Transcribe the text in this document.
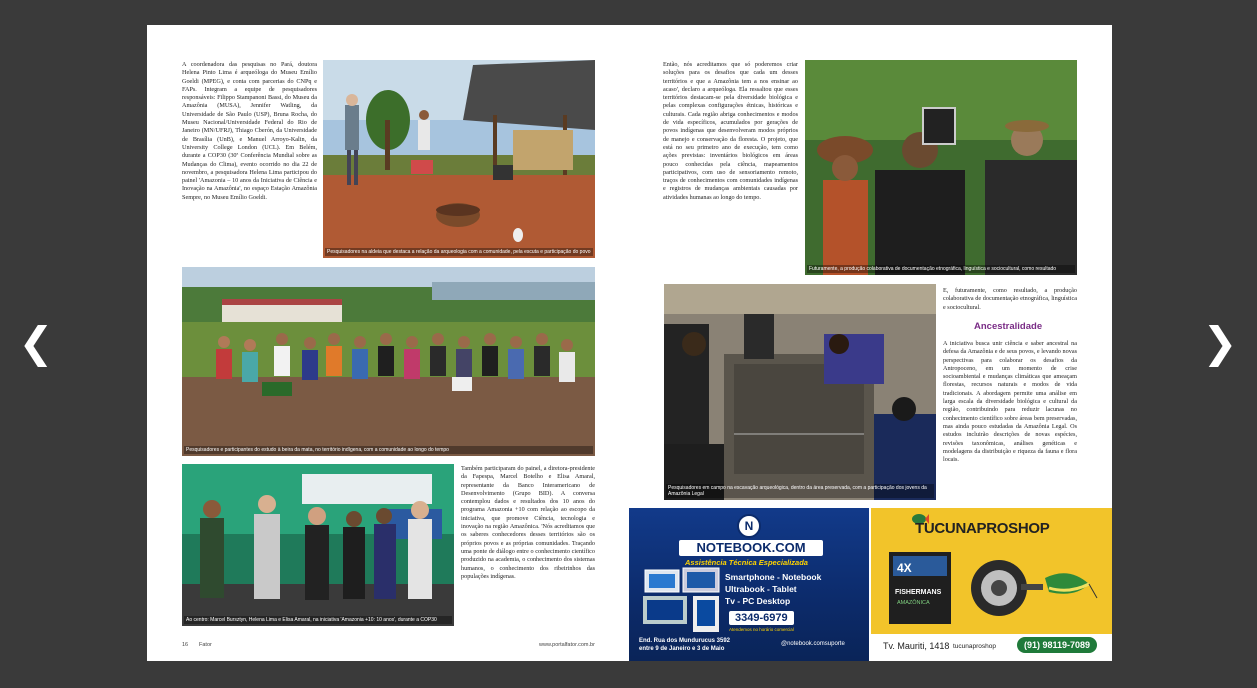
❮	❯
A coordenadora das pesquisas no Pará, doutora Helena Pinto Lima é arqueóloga do Museu Emílio Goeldi (MPEG), e conta com parcerias do CNPq e FAPs. Integram a equipe de pesquisadores responsáveis: Filippo Stampanoni Bassi, do Museu da Amazônia (MUSA), Jennifer Watling, da Universidade de São Paulo (USP), Bruna Rocha, do Museu Nacional/Universidade Federal do Rio de Janeiro (MN/UFRJ), Thiago Cberón, da Universidade de Brasília (UnB), e Manuel Arroyo-Kalin, da University College London (UCL). Em Belém, durante a COP30 (30ª Conferência Mundial sobre as Mudanças do Clima), evento ocorrido no dia 22 de novembro, a pesquisadora Helena Lima participou do painel 'Amazonia – 10 anos da Iniciativa de Ciência e Inovação na Amazônia', no espaço Estação Amazônia Sempre, no Museu Emílio Goeldi.
Pesquisadores na aldeia que destaca a relação da arqueologia com a comunidade, pela escuta e participação do povo
Pesquisadores e participantes do estudo à beira da mata, no território indígena, com a comunidade ao longo do tempo
Ao centro: Marcel Bursztyn, Helena Lima e Elisa Amaral, na iniciativa 'Amazonia +10: 10 anos', durante a COP30
Também participaram do painel, a diretora-presidente da Fapespa, Marcel Botelho e Elisa Amaral, representante da Banco Interamericano de Desenvolvimento (Grupo BID). A conversa contemplou dados e resultados dos 10 anos do programa Amazonia +10 com relação ao escopo da iniciativa, que promove Ciência, tecnologia e inovação na região Amazônica. 'Nós acreditamos que os saberes conhecedores desses territórios são os próprios povos e as próprias comunidades. Traçando uma ponte de diálogo entre o conhecimento científico produzido na academia, o conhecimento dos sistemas humanos, o conhecimento dos ribeirinhos das populações indígenas.
16 Fator	www.portalfator.com.br
Então, nós acreditamos que só poderemos criar soluções para os desafios que cada um desses territórios e que a Amazônia tem a nos ensinar ao acaso', declaro a arqueóloga. Ela ressaltou que esses territórios destacam-se pela diversidade biológica e pelas complexas configurações étnicas, históricas e culturais. Cada região abriga conhecimentos e modos de vida específicos, acumulados por gerações de povos indígenas que desenvolveram modos próprios de manejo e conservação da floresta. O projeto, que está no seu primeiro ano de execução, tem como ações previstas: inventários biológicos em áreas pouco conhecidas pela ciência, mapeamentos participativos, com uso de sensoriamento remoto, traços de conhecimentos com comunidades indígenas e registros de mudanças ambientais causadas por atividades humanas ao longo do tempo.
Futuramente, a produção colaborativa de documentação etnográfica, linguística e sociocultural, como resultado
Pesquisadores em campo na escavação arqueológica, dentro da área preservada, com a participação dos jovens da Amazônia Legal
E, futuramente, como resultado, a produção colaborativa de documentação etnográfica, linguística e sociocultural.
Ancestralidade
A iniciativa busca unir ciência e saber ancestral na defesa da Amazônia e de seus povos, e levando novas perspectivas para colaborar os desafios da Antropoceno, em um momento de crise socioambiental e mudanças climáticas que ameaçam florestas, recursos naturais e modos de vida tradicionais. A abordagem permite uma análise em larga escala da diversidade biológica e cultural da região, contribuindo para reduzir lacunas no conhecimento científico sobre áreas bem preservadas, mas ainda pouco estudadas da Amazônia Legal. Os estudos incluirão descrições de novas espécies, revisões taxonômicas, análises genéticas e modelagens da distribuição e riqueza da fauna e flora locais.
N
NOTEBOOK.COM
Assistência Técnica Especializada
Smartphone - Notebook
Ultrabook - Tablet
Tv - PC Desktop
3349-6979
Atendemos no horário comercial
End. Rua dos Mundurucus 3592
entre 9 de Janeiro e 3 de Maio
@notebook.comsuporte
TUCUNAPROSHOP
4X
FISHERMANS
AMAZÔNICA
Tv. Mauriti, 1418 tucunaproshop	(91) 98119-7089
